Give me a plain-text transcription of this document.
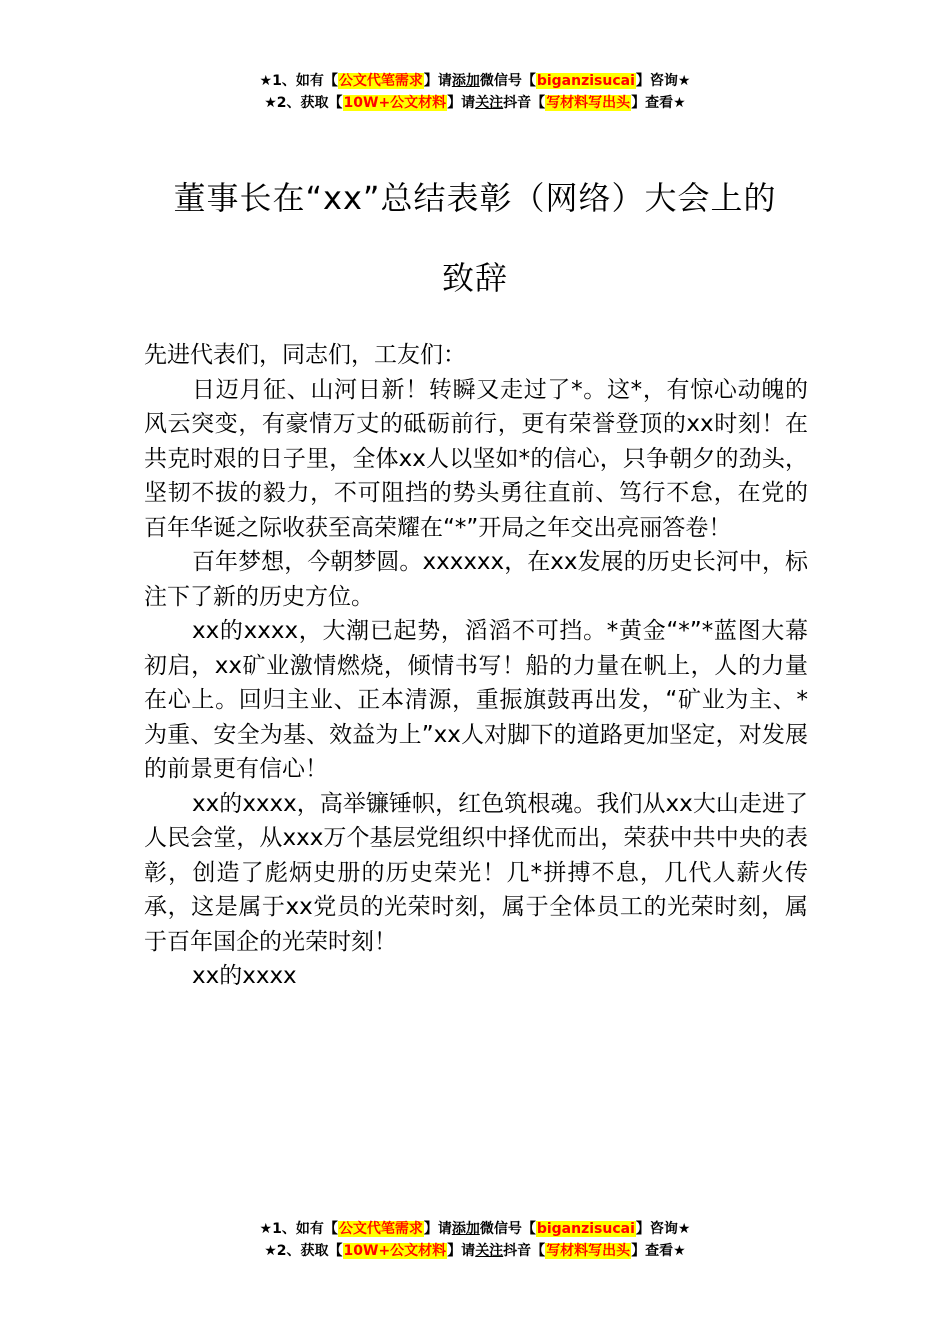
★1、如有【公文代笔需求】请添加微信号【biganzisucai】咨询★
★2、获取【10W+公文材料】请关注抖音【写材料写出头】查看★
董事长在“xx”总结表彰（网络）大会上的
致辞

先进代表们，同志们，工友们：

日迈月征、山河日新！转瞬又走过了*。这*，有惊心动魄的风云突变，有豪情万丈的砥砺前行，更有荣誉登顶的xx时刻！在共克时艰的日子里，全体xx人以坚如*的信心，只争朝夕的劲头，坚韧不拔的毅力，不可阻挡的势头勇往直前、笃行不怠，在党的百年华诞之际收获至高荣耀在“*”开局之年交出亮丽答卷！

百年梦想，今朝梦圆。xxxxxx，在xx发展的历史长河中，标注下了新的历史方位。

xx的xxxx，大潮已起势，滔滔不可挡。*黄金“*”*蓝图大幕初启，xx矿业激情燃烧，倾情书写！船的力量在帆上，人的力量在心上。回归主业、正本清源，重振旗鼓再出发，“矿业为主、*为重、安全为基、效益为上”xx人对脚下的道路更加坚定，对发展的前景更有信心！

xx的xxxx，高举镰锤帜，红色筑根魂。我们从xx大山走进了人民会堂，从xxx万个基层党组织中择优而出，荣获中共中央的表彰，创造了彪炳史册的历史荣光！几*拼搏不息，几代人薪火传承，这是属于xx党员的光荣时刻，属于全体员工的光荣时刻，属于百年国企的光荣时刻！

xx的xxxx

★1、如有【公文代笔需求】请添加微信号【biganzisucai】咨询★
★2、获取【10W+公文材料】请关注抖音【写材料写出头】查看★
